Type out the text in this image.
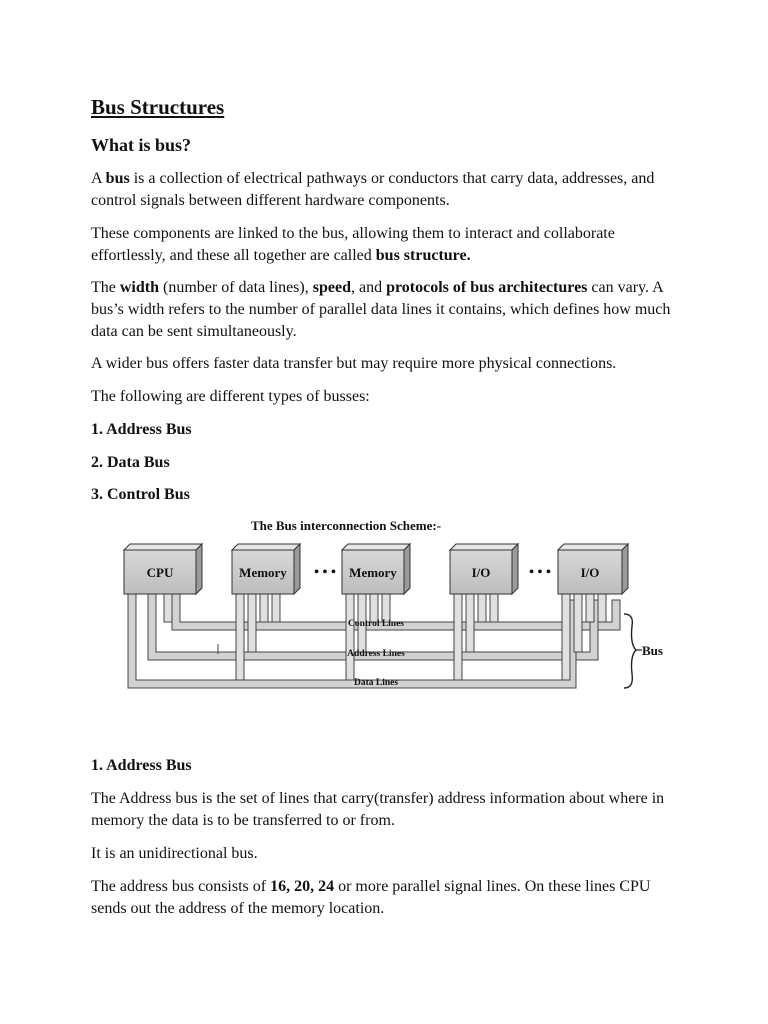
Bus Structures
What is bus?

A bus is a collection of electrical pathways or conductors that carry data, addresses, and control signals between different hardware components.

These components are linked to the bus, allowing them to interact and collaborate effortlessly, and these all together are called bus structure.

The width (number of data lines), speed, and protocols of bus architectures can vary. A bus’s width refers to the number of parallel data lines it contains, which defines how much data can be sent simultaneously.

A wider bus offers faster data transfer but may require more physical connections.

The following are different types of busses:

1. Address Bus

2. Data Bus

3. Control Bus

1. Address Bus

The Address bus is the set of lines that carry(transfer) address information about where in memory the data is to be transferred to or from.

It is an unidirectional bus.

The address bus consists of 16, 20, 24 or more parallel signal lines. On these lines CPU sends out the address of the memory location.

The Bus interconnection Scheme:-
CPU	Memory	Memory	I/O	I/O
• • •	• • •
Control Lines
Address Lines
Data Lines
Bus
